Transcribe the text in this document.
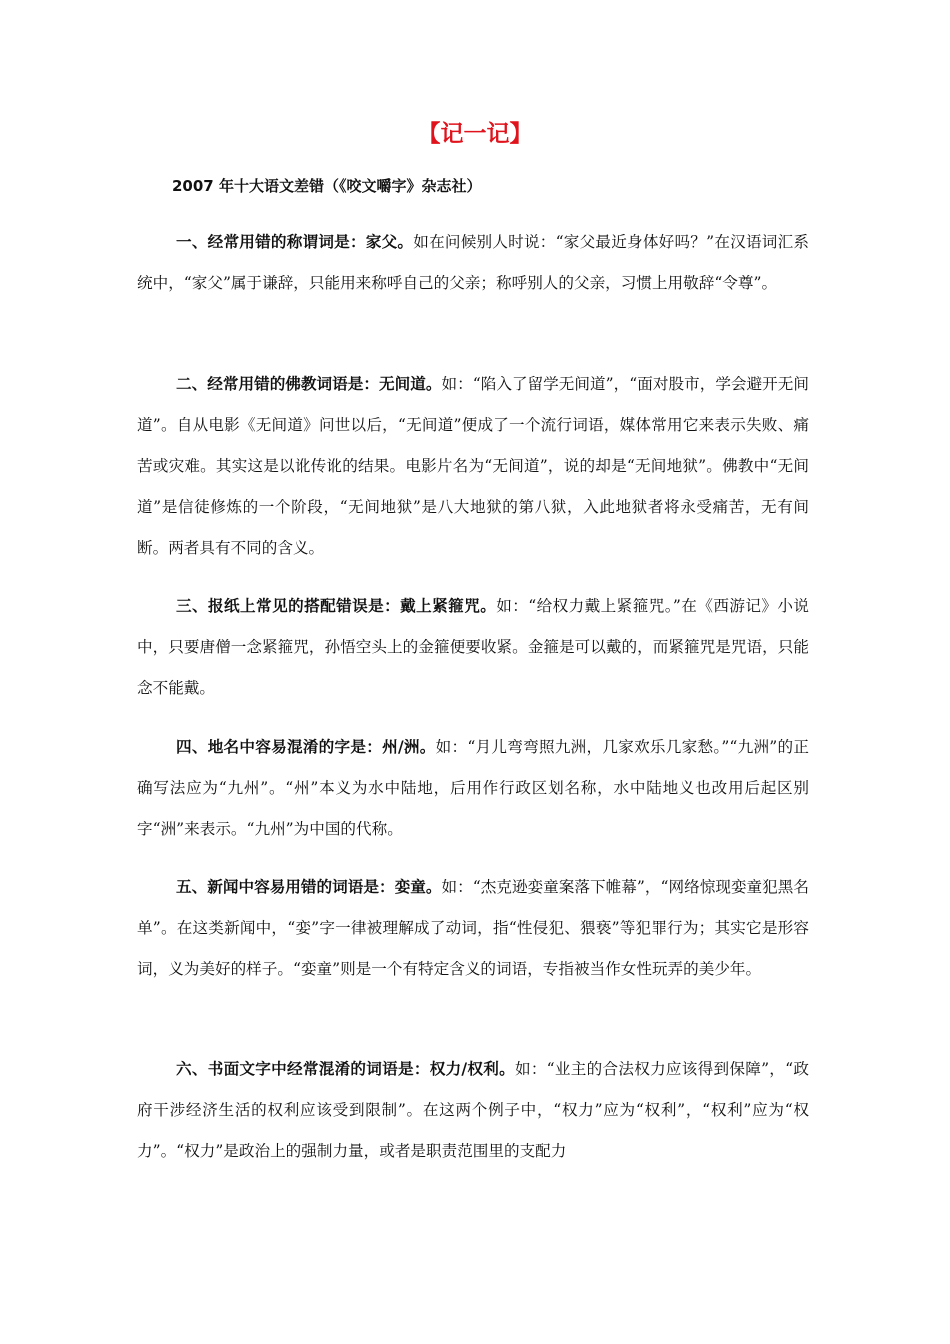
【记一记】
2007 年十大语文差错（《咬文嚼字》杂志社）

一、经常用错的称谓词是：家父。如在问候别人时说：“家父最近身体好吗？”在汉语词汇系统中，“家父”属于谦辞，只能用来称呼自己的父亲；称呼别人的父亲，习惯上用敬辞“令尊”。

二、经常用错的佛教词语是：无间道。如：“陷入了留学无间道”，“面对股市，学会避开无间道”。自从电影《无间道》问世以后，“无间道”便成了一个流行词语，媒体常用它来表示失败、痛苦或灾难。其实这是以讹传讹的结果。电影片名为“无间道”，说的却是“无间地狱”。佛教中“无间道”是信徒修炼的一个阶段，“无间地狱”是八大地狱的第八狱，入此地狱者将永受痛苦，无有间断。两者具有不同的含义。

三、报纸上常见的搭配错误是：戴上紧箍咒。如：“给权力戴上紧箍咒。”在《西游记》小说中，只要唐僧一念紧箍咒，孙悟空头上的金箍便要收紧。金箍是可以戴的，而紧箍咒是咒语，只能念不能戴。

四、地名中容易混淆的字是：州/洲。如：“月儿弯弯照九洲，几家欢乐几家愁。”“九洲”的正确写法应为“九州”。“州”本义为水中陆地，后用作行政区划名称，水中陆地义也改用后起区别字“洲”来表示。“九州”为中国的代称。

五、新闻中容易用错的词语是：娈童。如：“杰克逊娈童案落下帷幕”，“网络惊现娈童犯黑名单”。在这类新闻中，“娈”字一律被理解成了动词，指“性侵犯、猥亵”等犯罪行为；其实它是形容词，义为美好的样子。“娈童”则是一个有特定含义的词语，专指被当作女性玩弄的美少年。

六、书面文字中经常混淆的词语是：权力/权利。如：“业主的合法权力应该得到保障”，“政府干涉经济生活的权利应该受到限制”。在这两个例子中，“权力”应为“权利”，“权利”应为“权力”。“权力”是政治上的强制力量，或者是职责范围里的支配力
